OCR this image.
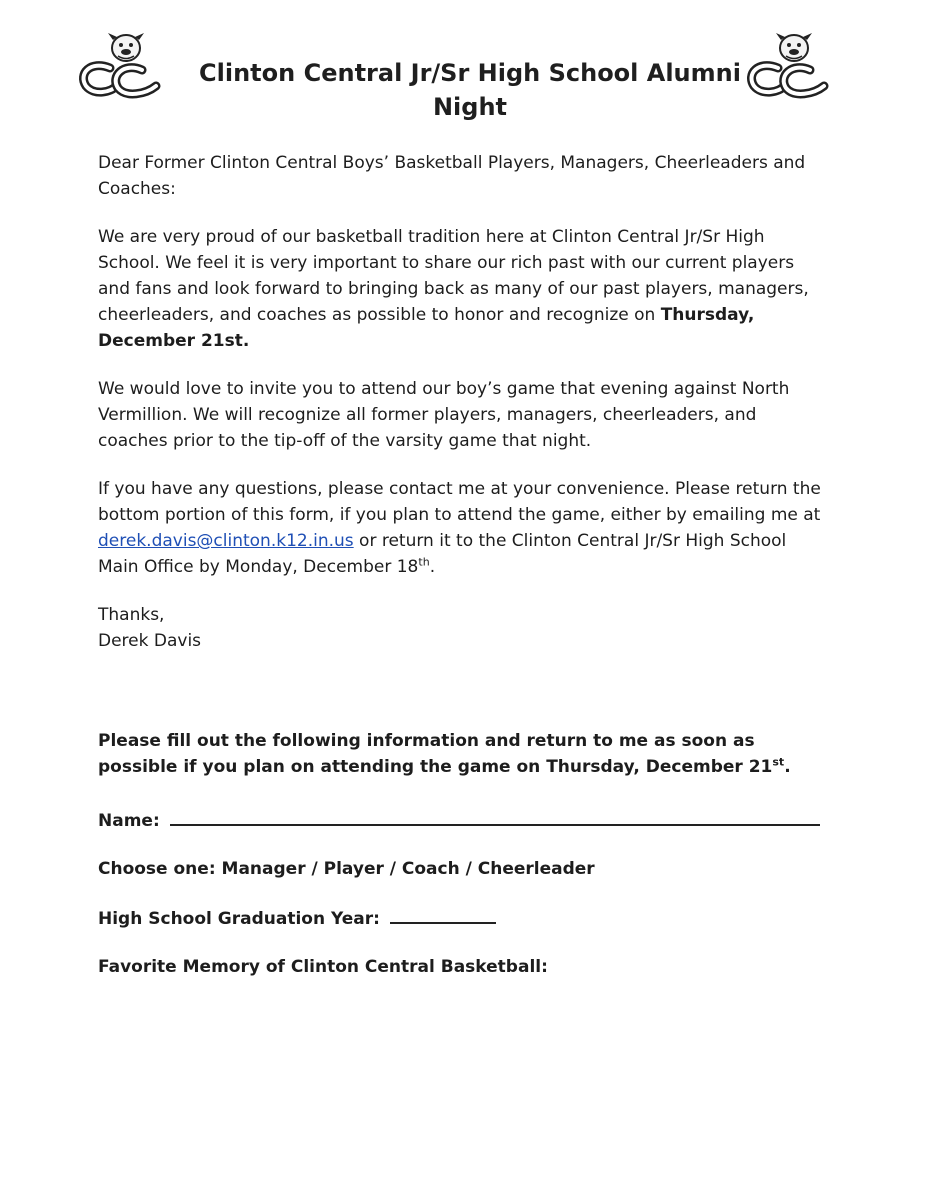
Clinton Central Jr/Sr High School Alumni Night

Dear Former Clinton Central Boys’ Basketball Players, Managers, Cheerleaders and Coaches:

We are very proud of our basketball tradition here at Clinton Central Jr/Sr High School. We feel it is very important to share our rich past with our current players and fans and look forward to bringing back as many of our past players, managers, cheerleaders, and coaches as possible to honor and recognize on Thursday, December 21st.

We would love to invite you to attend our boy’s game that evening against North Vermillion. We will recognize all former players, managers, cheerleaders, and coaches prior to the tip-off of the varsity game that night.

If you have any questions, please contact me at your convenience. Please return the bottom portion of this form, if you plan to attend the game, either by emailing me at derek.davis@clinton.k12.in.us or return it to the Clinton Central Jr/Sr High School Main Office by Monday, December 18th.

Thanks,
Derek Davis

Please fill out the following information and return to me as soon as possible if you plan on attending the game on Thursday, December 21st.

Name:
Choose one: Manager / Player / Coach / Cheerleader
High School Graduation Year:
Favorite Memory of Clinton Central Basketball:
